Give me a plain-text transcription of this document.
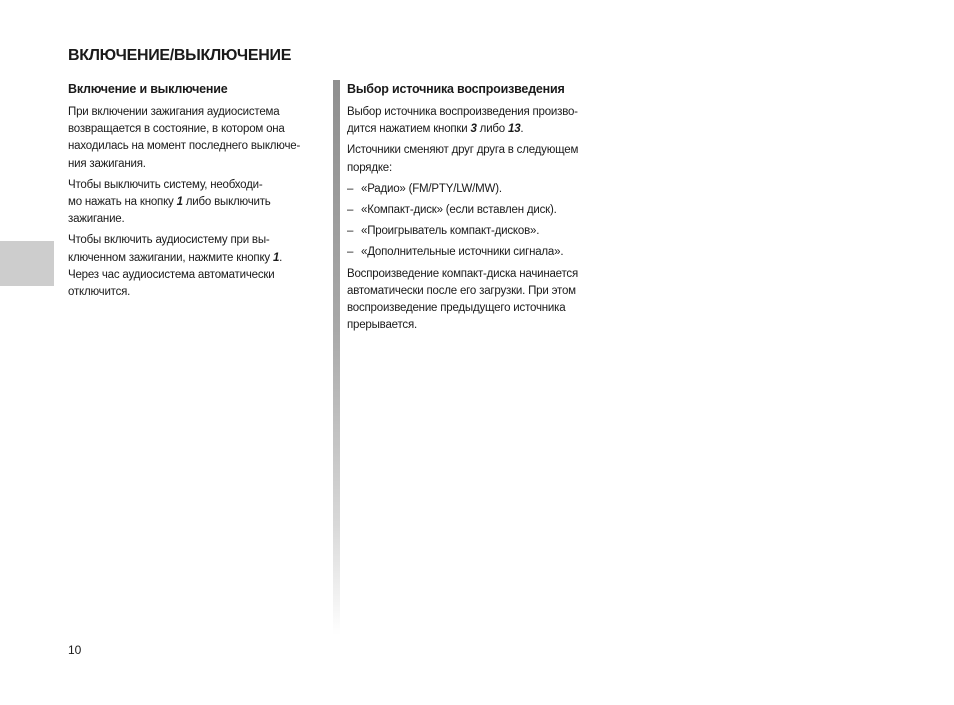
ВКЛЮЧЕНИЕ/ВЫКЛЮЧЕНИЕ
Включение и выключение

При включении зажигания аудиосистема
возвращается в состояние, в котором она
находилась на момент последнего выключе-
ния зажигания.

Чтобы выключить систему, необходи-
мо нажать на кнопку 1 либо выключить
зажигание.

Чтобы включить аудиосистему при вы-
ключенном зажигании, нажмите кнопку 1.
Через час аудиосистема автоматически
отключится.

Выбор источника воспроизведения

Выбор источника воспроизведения произво-
дится нажатием кнопки 3 либо 13.

Источники сменяют друг друга в следующем
порядке:

– «Радио» (FM/PTY/LW/MW).
– «Компакт-диск» (если вставлен диск).
– «Проигрыватель компакт-дисков».
– «Дополнительные источники сигнала».

Воспроизведение компакт-диска начинается
автоматически после его загрузки. При этом
воспроизведение предыдущего источника
прерывается.

10
